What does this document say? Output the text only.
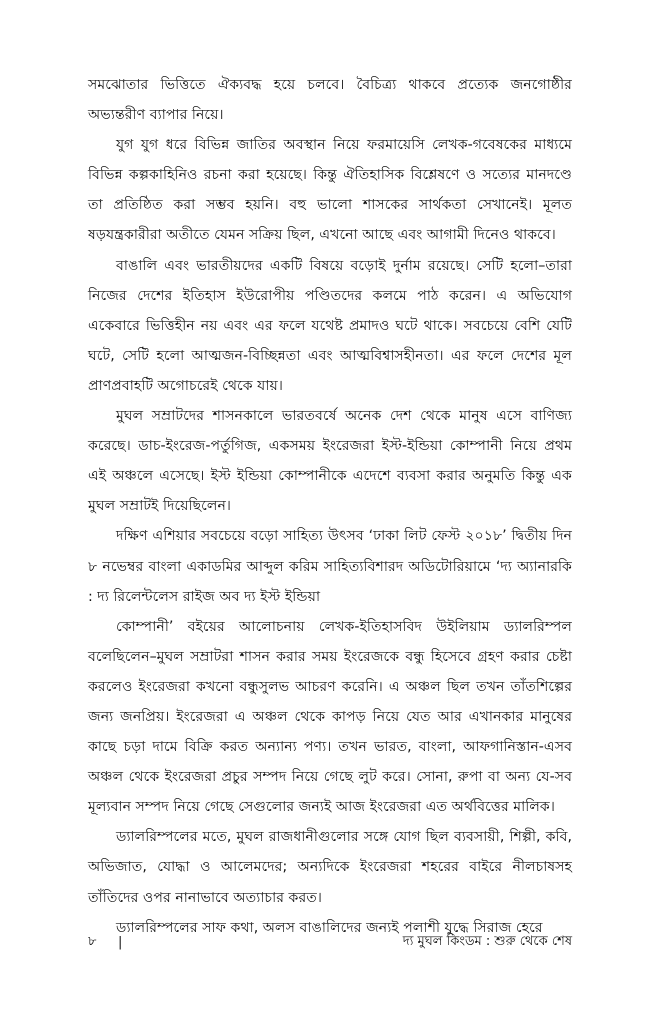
সমঝোতার ভিত্তিতে ঐক্যবদ্ধ হয়ে চলবে। বৈচিত্র্য থাকবে প্রত্যেক জনগোষ্ঠীর অভ্যন্তরীণ ব্যাপার নিয়ে।

যুগ যুগ ধরে বিভিন্ন জাতির অবস্থান নিয়ে ফরমায়েসি লেখক-গবেষকের মাধ্যমে বিভিন্ন কল্পকাহিনিও রচনা করা হয়েছে। কিন্তু ঐতিহাসিক বিশ্লেষণে ও সত্যের মানদণ্ডে তা প্রতিষ্ঠিত করা সম্ভব হয়নি। বহু ভালো শাসকের সার্থকতা সেখানেই। মূলত ষড়যন্ত্রকারীরা অতীতে যেমন সক্রিয় ছিল, এখনো আছে এবং আগামী দিনেও থাকবে।

বাঙালি এবং ভারতীয়দের একটি বিষয়ে বড়োই দুর্নাম রয়েছে। সেটি হলো–তারা নিজের দেশের ইতিহাস ইউরোপীয় পণ্ডিতদের কলমে পাঠ করেন। এ অভিযোগ একেবারে ভিত্তিহীন নয় এবং এর ফলে যথেষ্ট প্রমাদও ঘটে থাকে। সবচেয়ে বেশি যেটি ঘটে, সেটি হলো আত্মজন-বিচ্ছিন্নতা এবং আত্মবিশ্বাসহীনতা। এর ফলে দেশের মূল প্রাণপ্রবাহটি অগোচরেই থেকে যায়।

মুঘল সম্রাটদের শাসনকালে ভারতবর্ষে অনেক দেশ থেকে মানুষ এসে বাণিজ্য করেছে। ডাচ-ইংরেজ-পর্তুগিজ, একসময় ইংরেজরা ইস্ট-ইন্ডিয়া কোম্পানী নিয়ে প্রথম এই অঞ্চলে এসেছে। ইস্ট ইন্ডিয়া কোম্পানীকে এদেশে ব্যবসা করার অনুমতি কিন্তু এক মুঘল সম্রাটই দিয়েছিলেন।

দক্ষিণ এশিয়ার সবচেয়ে বড়ো সাহিত্য উৎসব ‘ঢাকা লিট ফেস্ট ২০১৮’ দ্বিতীয় দিন ৮ নভেম্বর বাংলা একাডমির আব্দুল করিম সাহিত্যবিশারদ অডিটোরিয়ামে ‘দ্য অ্যানারকি : দ্য রিলেন্টলেস রাইজ অব দ্য ইস্ট ইন্ডিয়া

কোম্পানী’ বইয়ের আলোচনায় লেখক-ইতিহাসবিদ উইলিয়াম ড্যালরিম্পল বলেছিলেন–মুঘল সম্রাটরা শাসন করার সময় ইংরেজকে বন্ধু হিসেবে গ্রহণ করার চেষ্টা করলেও ইংরেজরা কখনো বন্ধুসুলভ আচরণ করেনি। এ অঞ্চল ছিল তখন তাঁতশিল্পের জন্য জনপ্রিয়। ইংরেজরা এ অঞ্চল থেকে কাপড় নিয়ে যেত আর এখানকার মানুষের কাছে চড়া দামে বিক্রি করত অন্যান্য পণ্য। তখন ভারত, বাংলা, আফগানিস্তান-এসব অঞ্চল থেকে ইংরেজরা প্রচুর সম্পদ নিয়ে গেছে লুট করে। সোনা, রুপা বা অন্য যে-সব মূল্যবান সম্পদ নিয়ে গেছে সেগুলোর জন্যই আজ ইংরেজরা এত অর্থবিত্তের মালিক।

ড্যালরিম্পলের মতে, মুঘল রাজধানীগুলোর সঙ্গে যোগ ছিল ব্যবসায়ী, শিল্পী, কবি, অভিজাত, যোদ্ধা ও আলেমদের; অন্যদিকে ইংরেজরা শহরের বাইরে নীলচাষসহ তাঁতিদের ওপর নানাভাবে অত্যাচার করত।

ড্যালরিম্পলের সাফ কথা, অলস বাঙালিদের জন্যই পলাশী যুদ্ধে সিরাজ হেরে

৮	|	দ্য মুঘল কিংডম : শুরু থেকে শেষ
